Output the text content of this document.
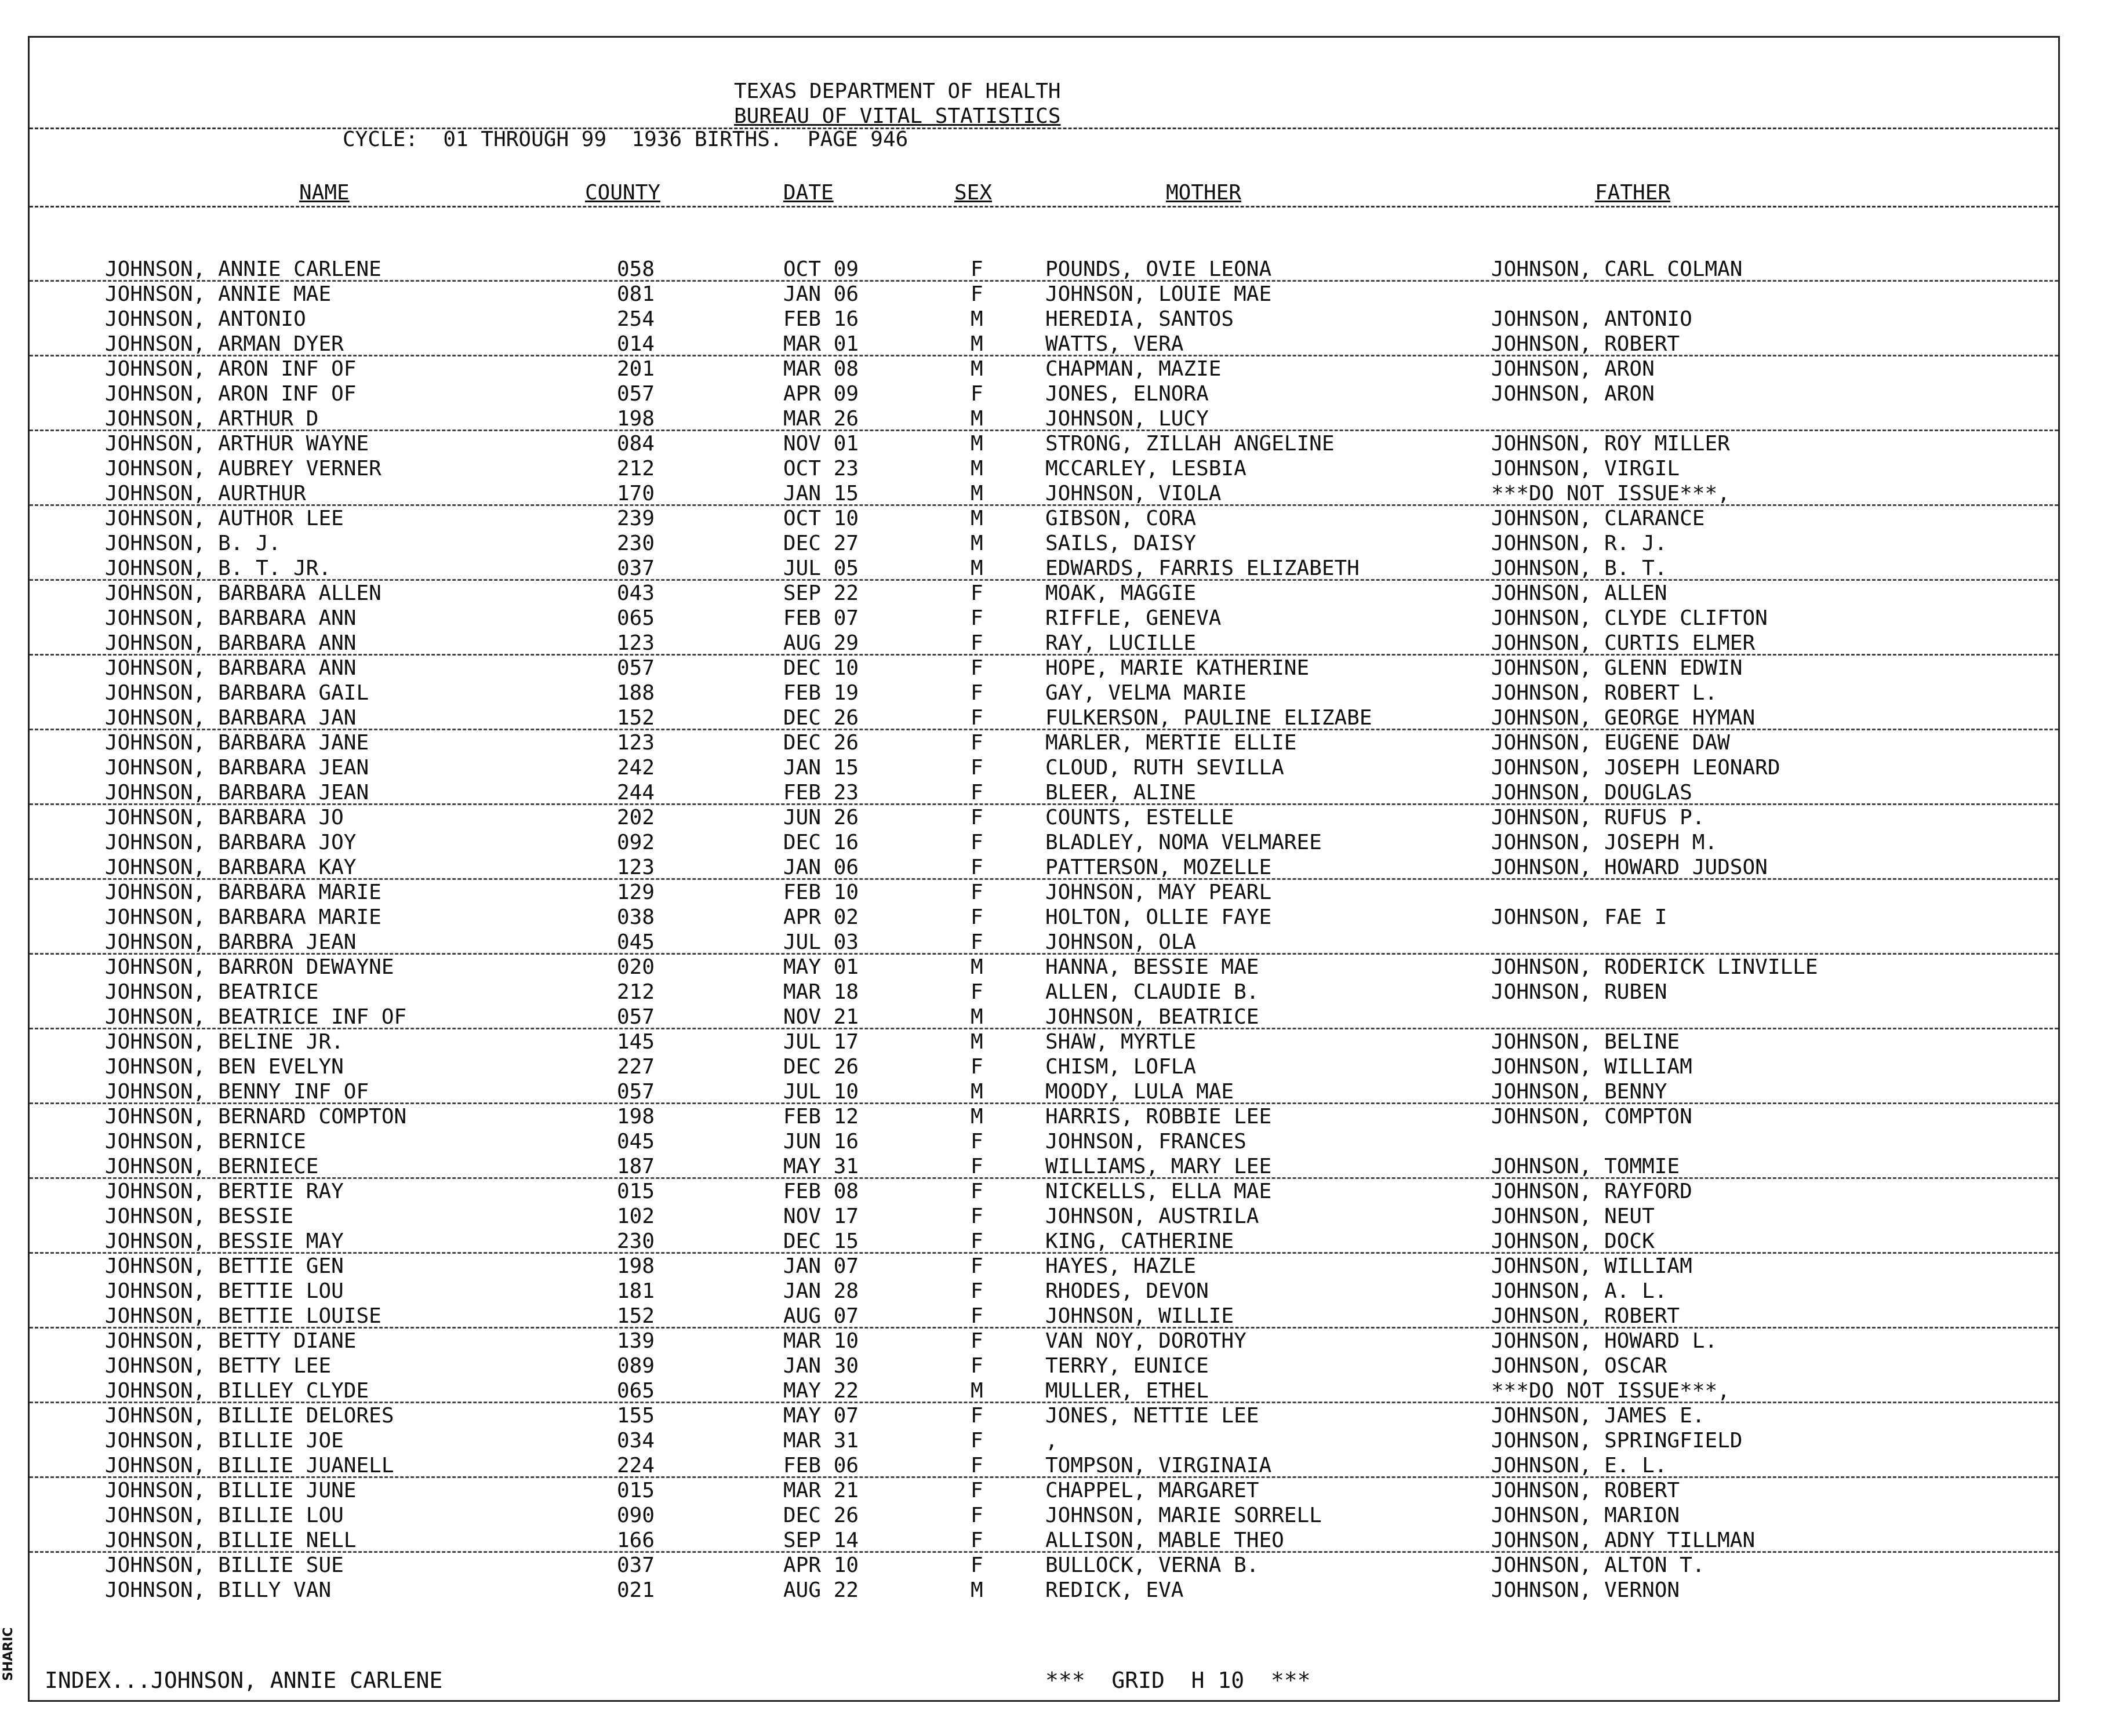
TEXAS DEPARTMENT OF HEALTH
BUREAU OF VITAL STATISTICS
CYCLE:  01 THROUGH 99  1936 BIRTHS.  PAGE 946
NAME	COUNTY	DATE	SEX	MOTHER	FATHER
JOHNSON, ANNIE CARLENE	058	OCT 09	F	POUNDS, OVIE LEONA	JOHNSON, CARL COLMAN
JOHNSON, ANNIE MAE	081	JAN 06	F	JOHNSON, LOUIE MAE
JOHNSON, ANTONIO	254	FEB 16	M	HEREDIA, SANTOS	JOHNSON, ANTONIO
JOHNSON, ARMAN DYER	014	MAR 01	M	WATTS, VERA	JOHNSON, ROBERT
JOHNSON, ARON INF OF	201	MAR 08	M	CHAPMAN, MAZIE	JOHNSON, ARON
JOHNSON, ARON INF OF	057	APR 09	F	JONES, ELNORA	JOHNSON, ARON
JOHNSON, ARTHUR D	198	MAR 26	M	JOHNSON, LUCY
JOHNSON, ARTHUR WAYNE	084	NOV 01	M	STRONG, ZILLAH ANGELINE	JOHNSON, ROY MILLER
JOHNSON, AUBREY VERNER	212	OCT 23	M	MCCARLEY, LESBIA	JOHNSON, VIRGIL
JOHNSON, AURTHUR	170	JAN 15	M	JOHNSON, VIOLA	***DO NOT ISSUE***,
JOHNSON, AUTHOR LEE	239	OCT 10	M	GIBSON, CORA	JOHNSON, CLARANCE
JOHNSON, B. J.	230	DEC 27	M	SAILS, DAISY	JOHNSON, R. J.
JOHNSON, B. T. JR.	037	JUL 05	M	EDWARDS, FARRIS ELIZABETH	JOHNSON, B. T.
JOHNSON, BARBARA ALLEN	043	SEP 22	F	MOAK, MAGGIE	JOHNSON, ALLEN
JOHNSON, BARBARA ANN	065	FEB 07	F	RIFFLE, GENEVA	JOHNSON, CLYDE CLIFTON
JOHNSON, BARBARA ANN	123	AUG 29	F	RAY, LUCILLE	JOHNSON, CURTIS ELMER
JOHNSON, BARBARA ANN	057	DEC 10	F	HOPE, MARIE KATHERINE	JOHNSON, GLENN EDWIN
JOHNSON, BARBARA GAIL	188	FEB 19	F	GAY, VELMA MARIE	JOHNSON, ROBERT L.
JOHNSON, BARBARA JAN	152	DEC 26	F	FULKERSON, PAULINE ELIZABE	JOHNSON, GEORGE HYMAN
JOHNSON, BARBARA JANE	123	DEC 26	F	MARLER, MERTIE ELLIE	JOHNSON, EUGENE DAW
JOHNSON, BARBARA JEAN	242	JAN 15	F	CLOUD, RUTH SEVILLA	JOHNSON, JOSEPH LEONARD
JOHNSON, BARBARA JEAN	244	FEB 23	F	BLEER, ALINE	JOHNSON, DOUGLAS
JOHNSON, BARBARA JO	202	JUN 26	F	COUNTS, ESTELLE	JOHNSON, RUFUS P.
JOHNSON, BARBARA JOY	092	DEC 16	F	BLADLEY, NOMA VELMAREE	JOHNSON, JOSEPH M.
JOHNSON, BARBARA KAY	123	JAN 06	F	PATTERSON, MOZELLE	JOHNSON, HOWARD JUDSON
JOHNSON, BARBARA MARIE	129	FEB 10	F	JOHNSON, MAY PEARL
JOHNSON, BARBARA MARIE	038	APR 02	F	HOLTON, OLLIE FAYE	JOHNSON, FAE I
JOHNSON, BARBRA JEAN	045	JUL 03	F	JOHNSON, OLA
JOHNSON, BARRON DEWAYNE	020	MAY 01	M	HANNA, BESSIE MAE	JOHNSON, RODERICK LINVILLE
JOHNSON, BEATRICE	212	MAR 18	F	ALLEN, CLAUDIE B.	JOHNSON, RUBEN
JOHNSON, BEATRICE INF OF	057	NOV 21	M	JOHNSON, BEATRICE
JOHNSON, BELINE JR.	145	JUL 17	M	SHAW, MYRTLE	JOHNSON, BELINE
JOHNSON, BEN EVELYN	227	DEC 26	F	CHISM, LOFLA	JOHNSON, WILLIAM
JOHNSON, BENNY INF OF	057	JUL 10	M	MOODY, LULA MAE	JOHNSON, BENNY
JOHNSON, BERNARD COMPTON	198	FEB 12	M	HARRIS, ROBBIE LEE	JOHNSON, COMPTON
JOHNSON, BERNICE	045	JUN 16	F	JOHNSON, FRANCES
JOHNSON, BERNIECE	187	MAY 31	F	WILLIAMS, MARY LEE	JOHNSON, TOMMIE
JOHNSON, BERTIE RAY	015	FEB 08	F	NICKELLS, ELLA MAE	JOHNSON, RAYFORD
JOHNSON, BESSIE	102	NOV 17	F	JOHNSON, AUSTRILA	JOHNSON, NEUT
JOHNSON, BESSIE MAY	230	DEC 15	F	KING, CATHERINE	JOHNSON, DOCK
JOHNSON, BETTIE GEN	198	JAN 07	F	HAYES, HAZLE	JOHNSON, WILLIAM
JOHNSON, BETTIE LOU	181	JAN 28	F	RHODES, DEVON	JOHNSON, A. L.
JOHNSON, BETTIE LOUISE	152	AUG 07	F	JOHNSON, WILLIE	JOHNSON, ROBERT
JOHNSON, BETTY DIANE	139	MAR 10	F	VAN NOY, DOROTHY	JOHNSON, HOWARD L.
JOHNSON, BETTY LEE	089	JAN 30	F	TERRY, EUNICE	JOHNSON, OSCAR
JOHNSON, BILLEY CLYDE	065	MAY 22	M	MULLER, ETHEL	***DO NOT ISSUE***,
JOHNSON, BILLIE DELORES	155	MAY 07	F	JONES, NETTIE LEE	JOHNSON, JAMES E.
JOHNSON, BILLIE JOE	034	MAR 31	F	,	JOHNSON, SPRINGFIELD
JOHNSON, BILLIE JUANELL	224	FEB 06	F	TOMPSON, VIRGINAIA	JOHNSON, E. L.
JOHNSON, BILLIE JUNE	015	MAR 21	F	CHAPPEL, MARGARET	JOHNSON, ROBERT
JOHNSON, BILLIE LOU	090	DEC 26	F	JOHNSON, MARIE SORRELL	JOHNSON, MARION
JOHNSON, BILLIE NELL	166	SEP 14	F	ALLISON, MABLE THEO	JOHNSON, ADNY TILLMAN
JOHNSON, BILLIE SUE	037	APR 10	F	BULLOCK, VERNA B.	JOHNSON, ALTON T.
JOHNSON, BILLY VAN	021	AUG 22	M	REDICK, EVA	JOHNSON, VERNON
INDEX...JOHNSON, ANNIE CARLENE	***  GRID  H 10  ***
SHARIC
